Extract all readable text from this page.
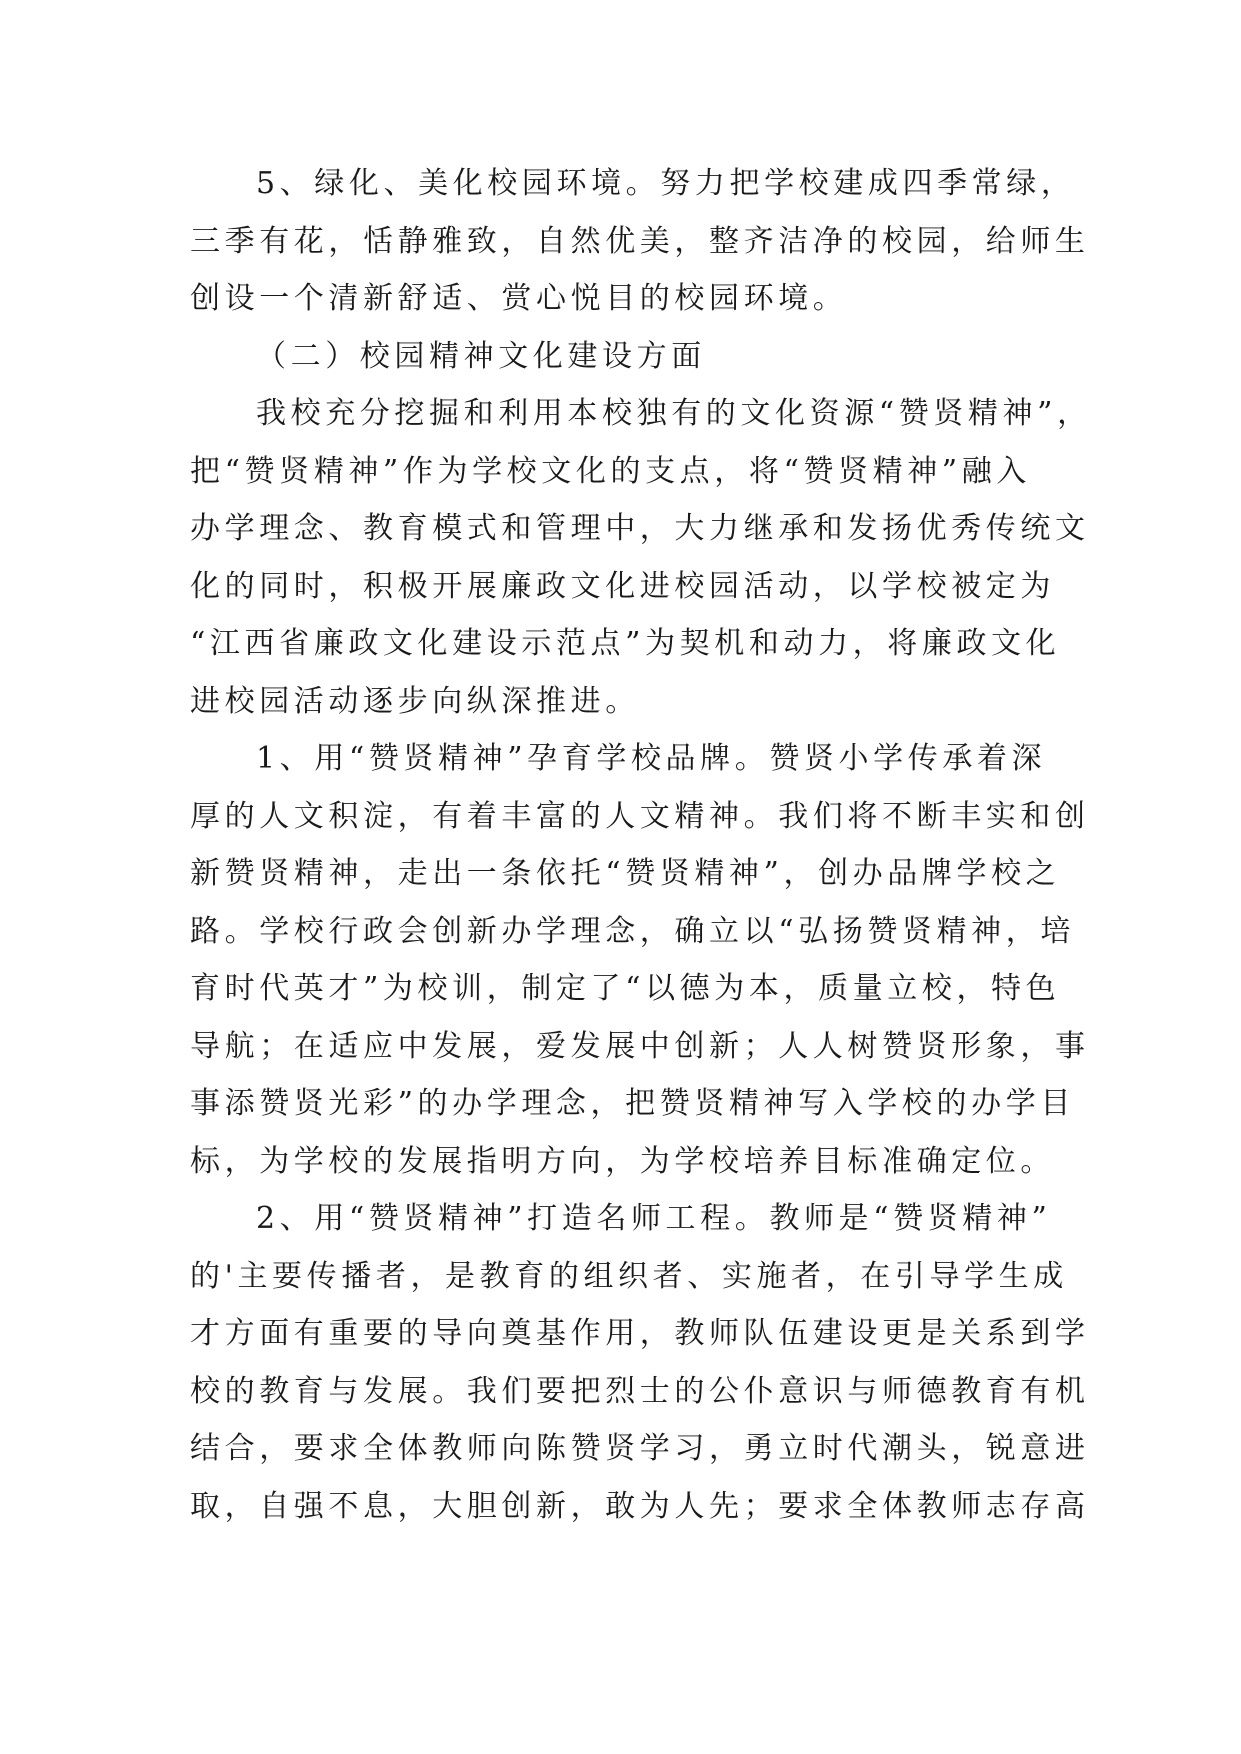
5、绿化、美化校园环境。努力把学校建成四季常绿，
三季有花，恬静雅致，自然优美，整齐洁净的校园，给师生
创设一个清新舒适、赏心悦目的校园环境。
（二）校园精神文化建设方面
我校充分挖掘和利用本校独有的文化资源“赞贤精神”，
把“赞贤精神”作为学校文化的支点，将“赞贤精神”融入
办学理念、教育模式和管理中，大力继承和发扬优秀传统文
化的同时，积极开展廉政文化进校园活动，以学校被定为
“江西省廉政文化建设示范点”为契机和动力，将廉政文化
进校园活动逐步向纵深推进。
1、用“赞贤精神”孕育学校品牌。赞贤小学传承着深
厚的人文积淀，有着丰富的人文精神。我们将不断丰实和创
新赞贤精神，走出一条依托“赞贤精神”，创办品牌学校之
路。学校行政会创新办学理念，确立以“弘扬赞贤精神，培
育时代英才”为校训，制定了“以德为本，质量立校，特色
导航；在适应中发展，爱发展中创新；人人树赞贤形象，事
事添赞贤光彩”的办学理念，把赞贤精神写入学校的办学目
标，为学校的发展指明方向，为学校培养目标准确定位。
2、用“赞贤精神”打造名师工程。教师是“赞贤精神”
的'主要传播者，是教育的组织者、实施者，在引导学生成
才方面有重要的导向奠基作用，教师队伍建设更是关系到学
校的教育与发展。我们要把烈士的公仆意识与师德教育有机
结合，要求全体教师向陈赞贤学习，勇立时代潮头，锐意进
取，自强不息，大胆创新，敢为人先；要求全体教师志存高
